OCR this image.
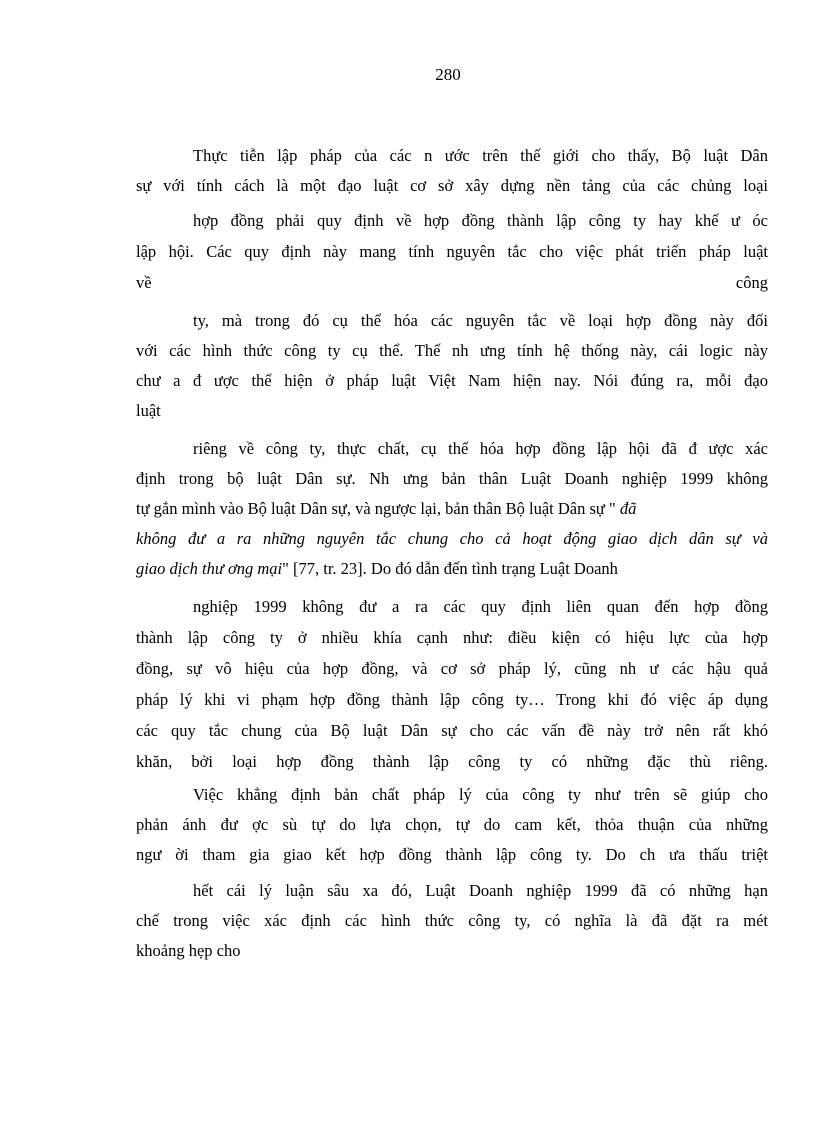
280
Thực tiễn lập pháp của các n ước trên thế giới cho thấy, Bộ luật Dân
sự với tính cách là một đạo luật cơ sở xây dựng nền tảng của các chủng loại
hợp đồng phải quy định về hợp đồng thành lập công ty hay khế ư óc
lập hội. Các quy định này mang tính nguyên tắc cho việc phát triển pháp luật
về	công
ty, mà trong đó cụ thể hóa các nguyên tắc về loại hợp đồng này đối
với các hình thức công ty cụ thể. Thế nh ưng tính hệ thống này, cái logic này
chư a đ ược thể hiện ở pháp luật Việt Nam hiện nay. Nói đúng ra, mỗi đạo
luật
riêng về công ty, thực chất, cụ thể hóa hợp đồng lập hội đã đ ược xác
định trong bộ luật Dân sự. Nh ưng bản thân Luật Doanh nghiệp 1999 không
tự gắn mình vào Bộ luật Dân sự, và ngược lại, bản thân Bộ luật Dân sự " đã
không đư a ra những nguyên tắc chung cho cả hoạt động giao dịch dân sự và
giao dịch thư ơng mại" [77, tr. 23]. Do đó dẫn đến tình trạng Luật Doanh
nghiệp 1999 không đư a ra các quy định liên quan đến hợp đồng
thành lập công ty ở nhiều khía cạnh như: điều kiện có hiệu lực của hợp
đồng, sự vô hiệu của hợp đồng, và cơ sở pháp lý, cũng nh ư các hậu quả
pháp lý khi vi phạm hợp đồng thành lập công ty… Trong khi đó việc áp dụng
các quy tắc chung của Bộ luật Dân sự cho các vấn đề này trở nên rất khó
khăn, bởi loại hợp đồng thành lập công ty có những đặc thù riêng.
Việc khẳng định bản chất pháp lý của công ty như trên sẽ giúp cho
phản ánh đư ợc sù tự do lựa chọn, tự do cam kết, thỏa thuận của những
ngư ời tham gia giao kết hợp đồng thành lập công ty. Do ch ưa thấu triệt
hết cái lý luận sâu xa đó, Luật Doanh nghiệp 1999 đã có những hạn
chế trong việc xác định các hình thức công ty, có nghĩa là đã đặt ra mét
khoảng hẹp cho
